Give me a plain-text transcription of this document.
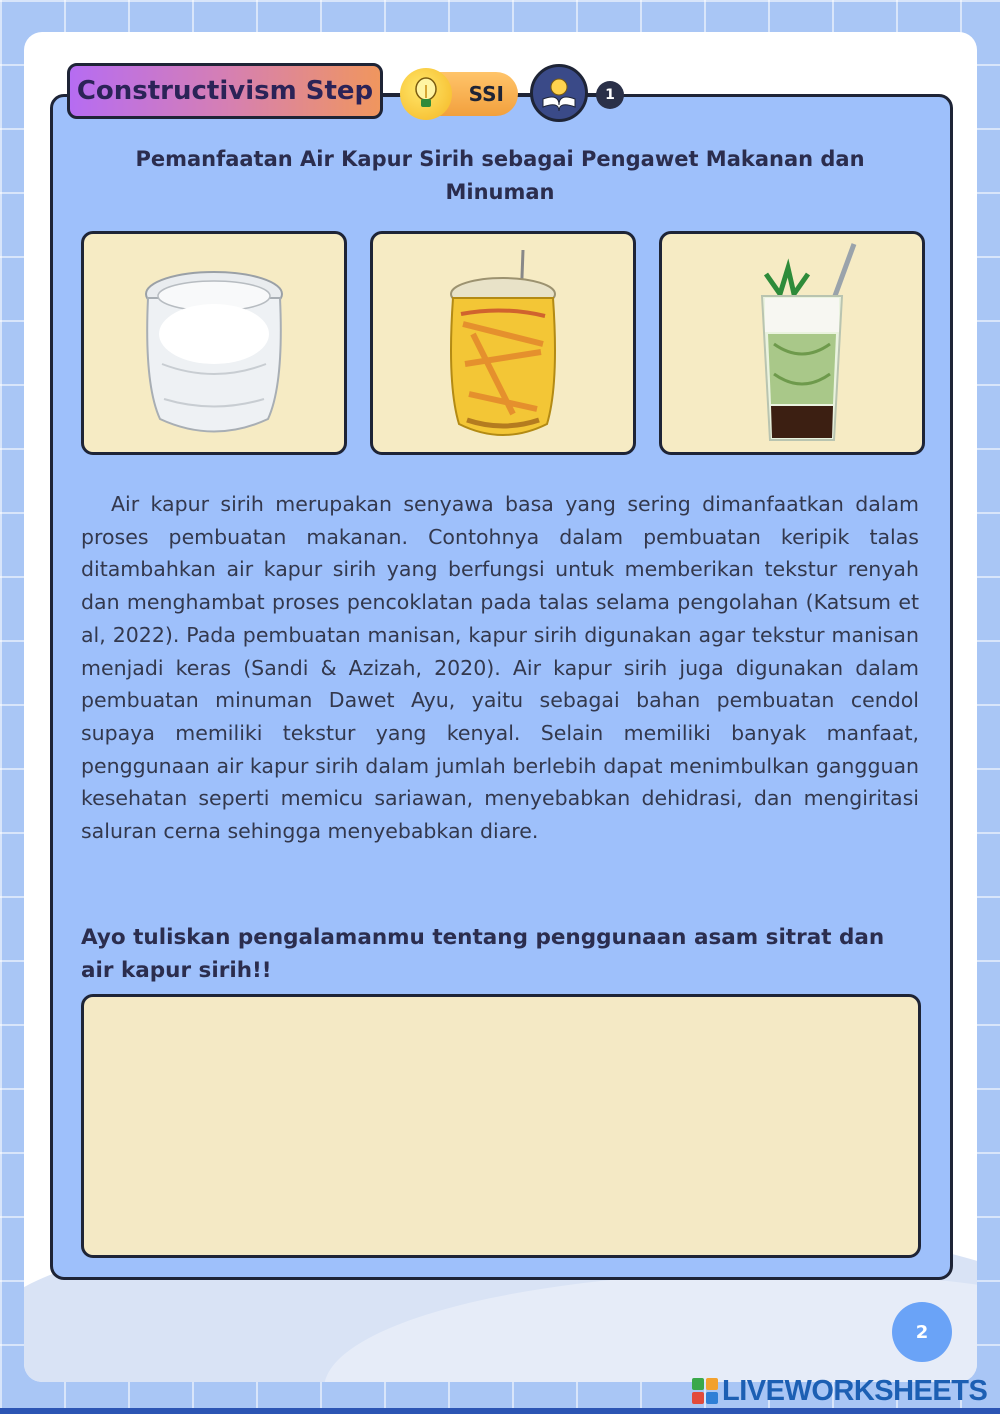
Constructivism Step	SSI	1
Pemanfaatan Air Kapur Sirih sebagai Pengawet Makanan dan Minuman

Air kapur sirih merupakan senyawa basa yang sering dimanfaatkan dalam proses pembuatan makanan. Contohnya dalam pembuatan keripik talas ditambahkan air kapur sirih yang berfungsi untuk memberikan tekstur renyah dan menghambat proses pencoklatan pada talas selama pengolahan (Katsum et al, 2022). Pada pembuatan manisan, kapur sirih digunakan agar tekstur manisan menjadi keras (Sandi & Azizah, 2020). Air kapur sirih juga digunakan dalam pembuatan minuman Dawet Ayu, yaitu sebagai bahan pembuatan cendol supaya memiliki tekstur yang kenyal. Selain memiliki banyak manfaat, penggunaan air kapur sirih dalam jumlah berlebih dapat menimbulkan gangguan kesehatan seperti memicu sariawan, menyebabkan dehidrasi, dan mengiritasi saluran cerna sehingga menyebabkan diare.

Ayo tuliskan pengalamanmu tentang penggunaan asam sitrat dan air kapur sirih!!
2
LIVEWORKSHEETS
